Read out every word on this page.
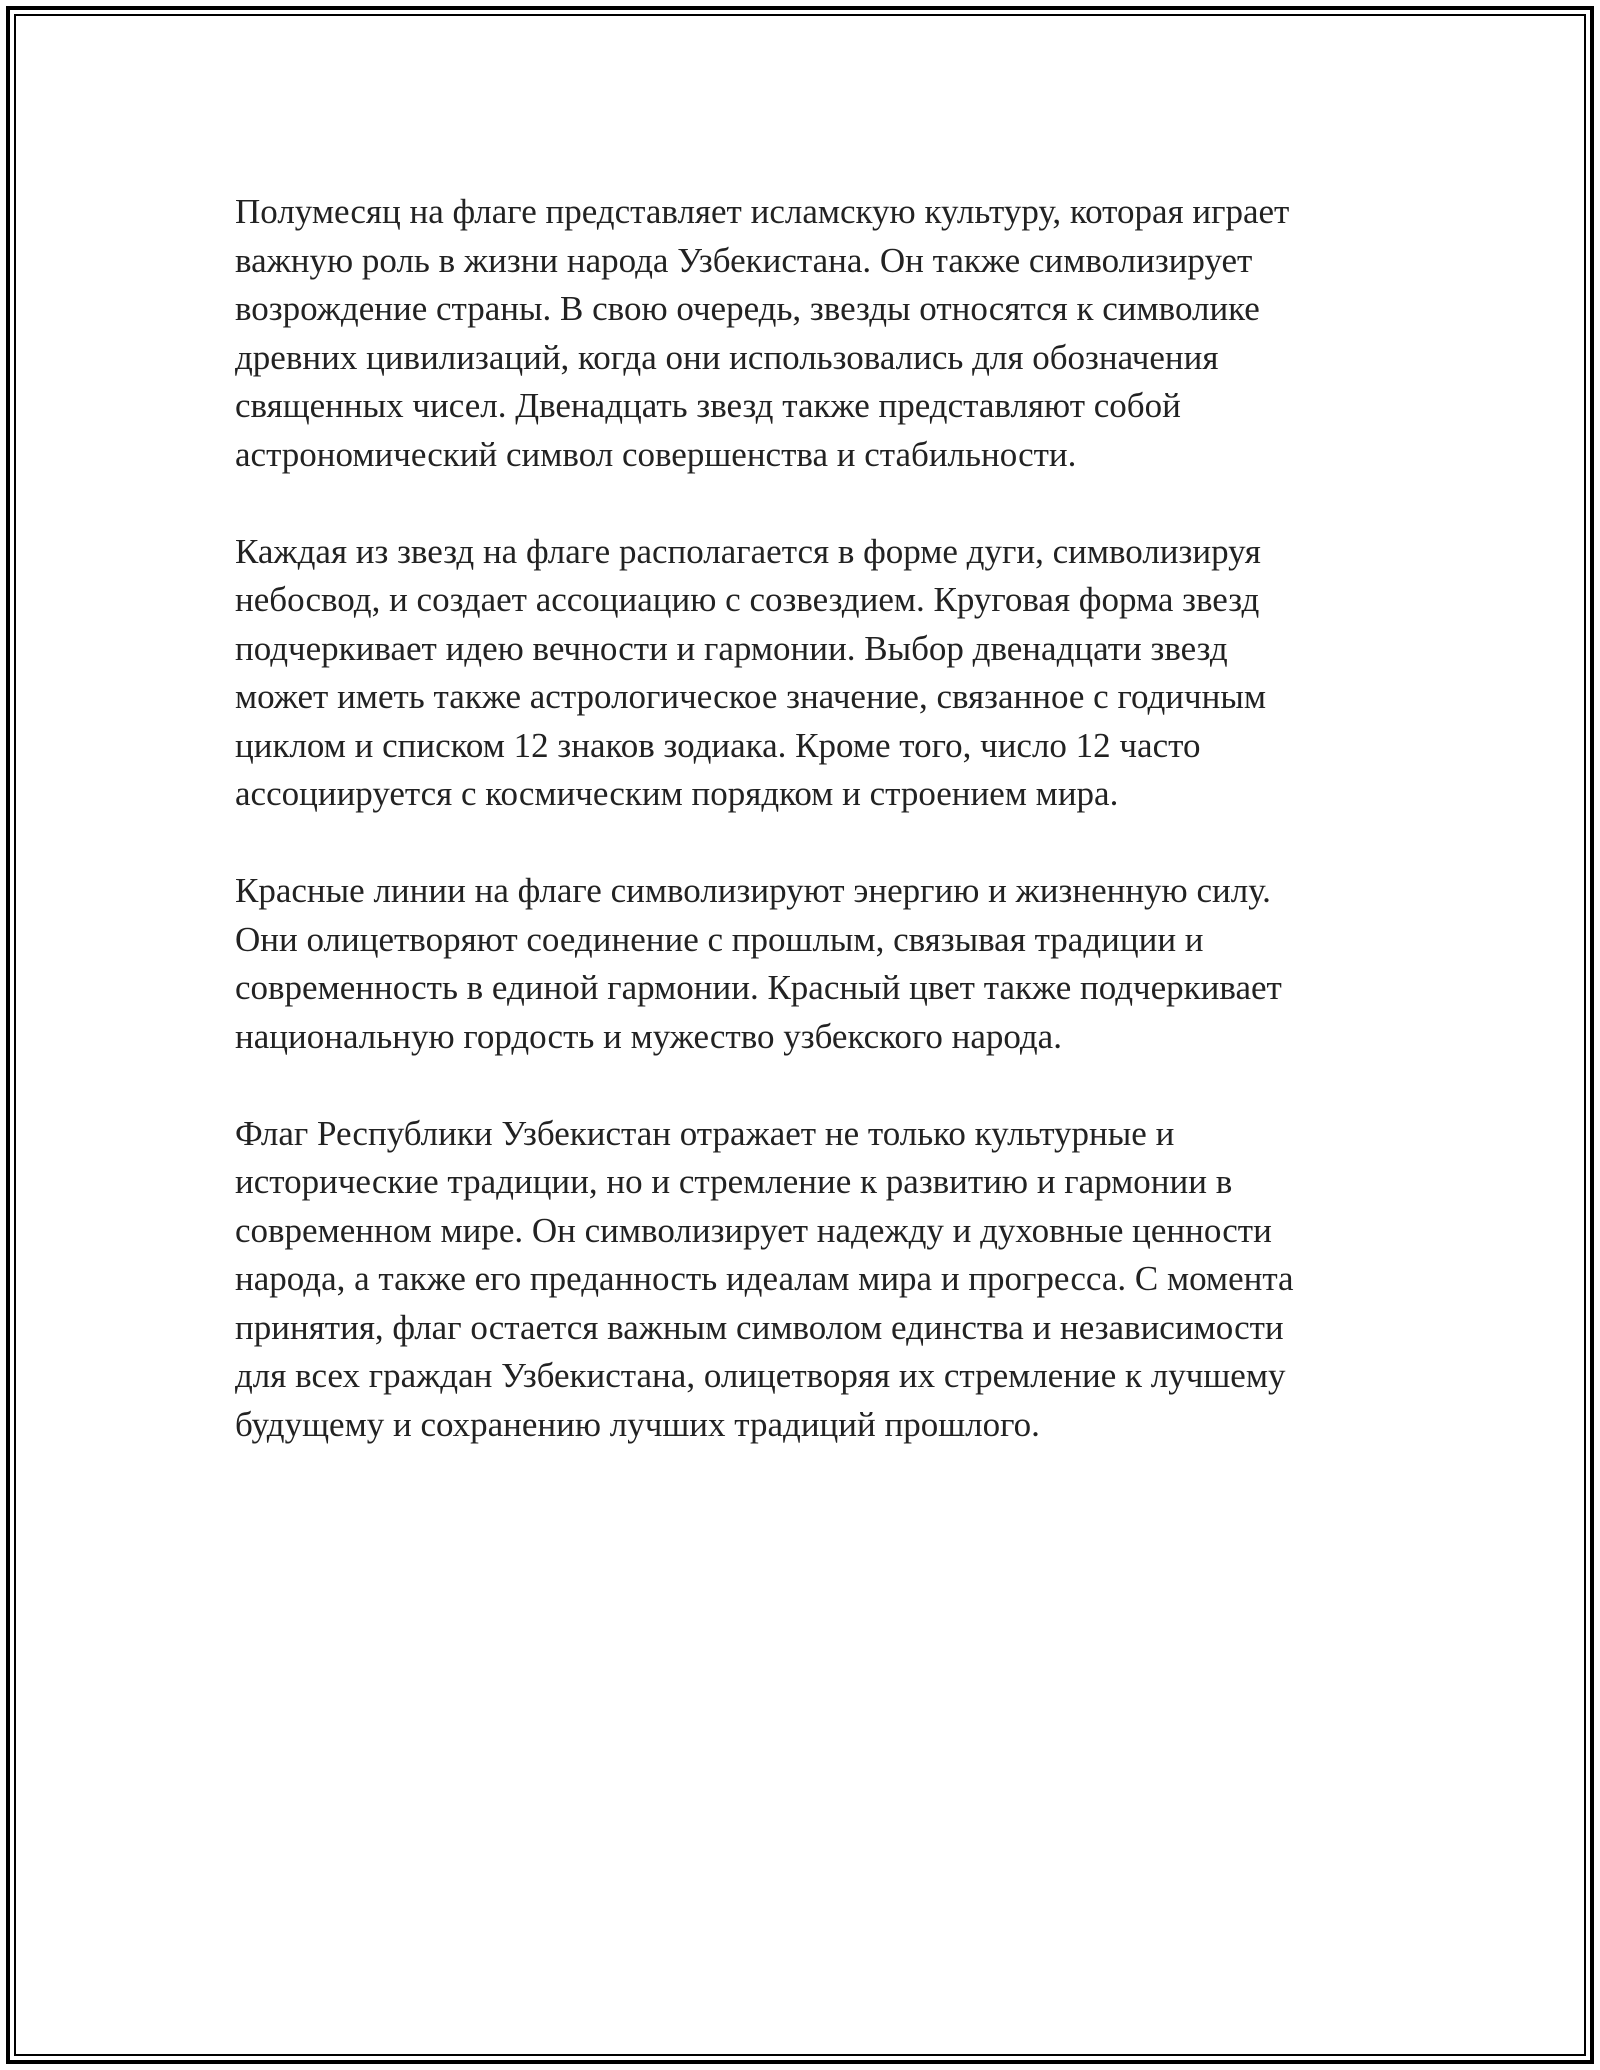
Полумесяц на флаге представляет исламскую культуру, которая играет
важную роль в жизни народа Узбекистана. Он также символизирует
возрождение страны. В свою очередь, звезды относятся к символике
древних цивилизаций, когда они использовались для обозначения
священных чисел. Двенадцать звезд также представляют собой
астрономический символ совершенства и стабильности.

Каждая из звезд на флаге располагается в форме дуги, символизируя
небосвод, и создает ассоциацию с созвездием. Круговая форма звезд
подчеркивает идею вечности и гармонии. Выбор двенадцати звезд
может иметь также астрологическое значение, связанное с годичным
циклом и списком 12 знаков зодиака. Кроме того, число 12 часто
ассоциируется с космическим порядком и строением мира.

Красные линии на флаге символизируют энергию и жизненную силу.
Они олицетворяют соединение с прошлым, связывая традиции и
современность в единой гармонии. Красный цвет также подчеркивает
национальную гордость и мужество узбекского народа.

Флаг Республики Узбекистан отражает не только культурные и
исторические традиции, но и стремление к развитию и гармонии в
современном мире. Он символизирует надежду и духовные ценности
народа, а также его преданность идеалам мира и прогресса. С момента
принятия, флаг остается важным символом единства и независимости
для всех граждан Узбекистана, олицетворяя их стремление к лучшему
будущему и сохранению лучших традиций прошлого.
